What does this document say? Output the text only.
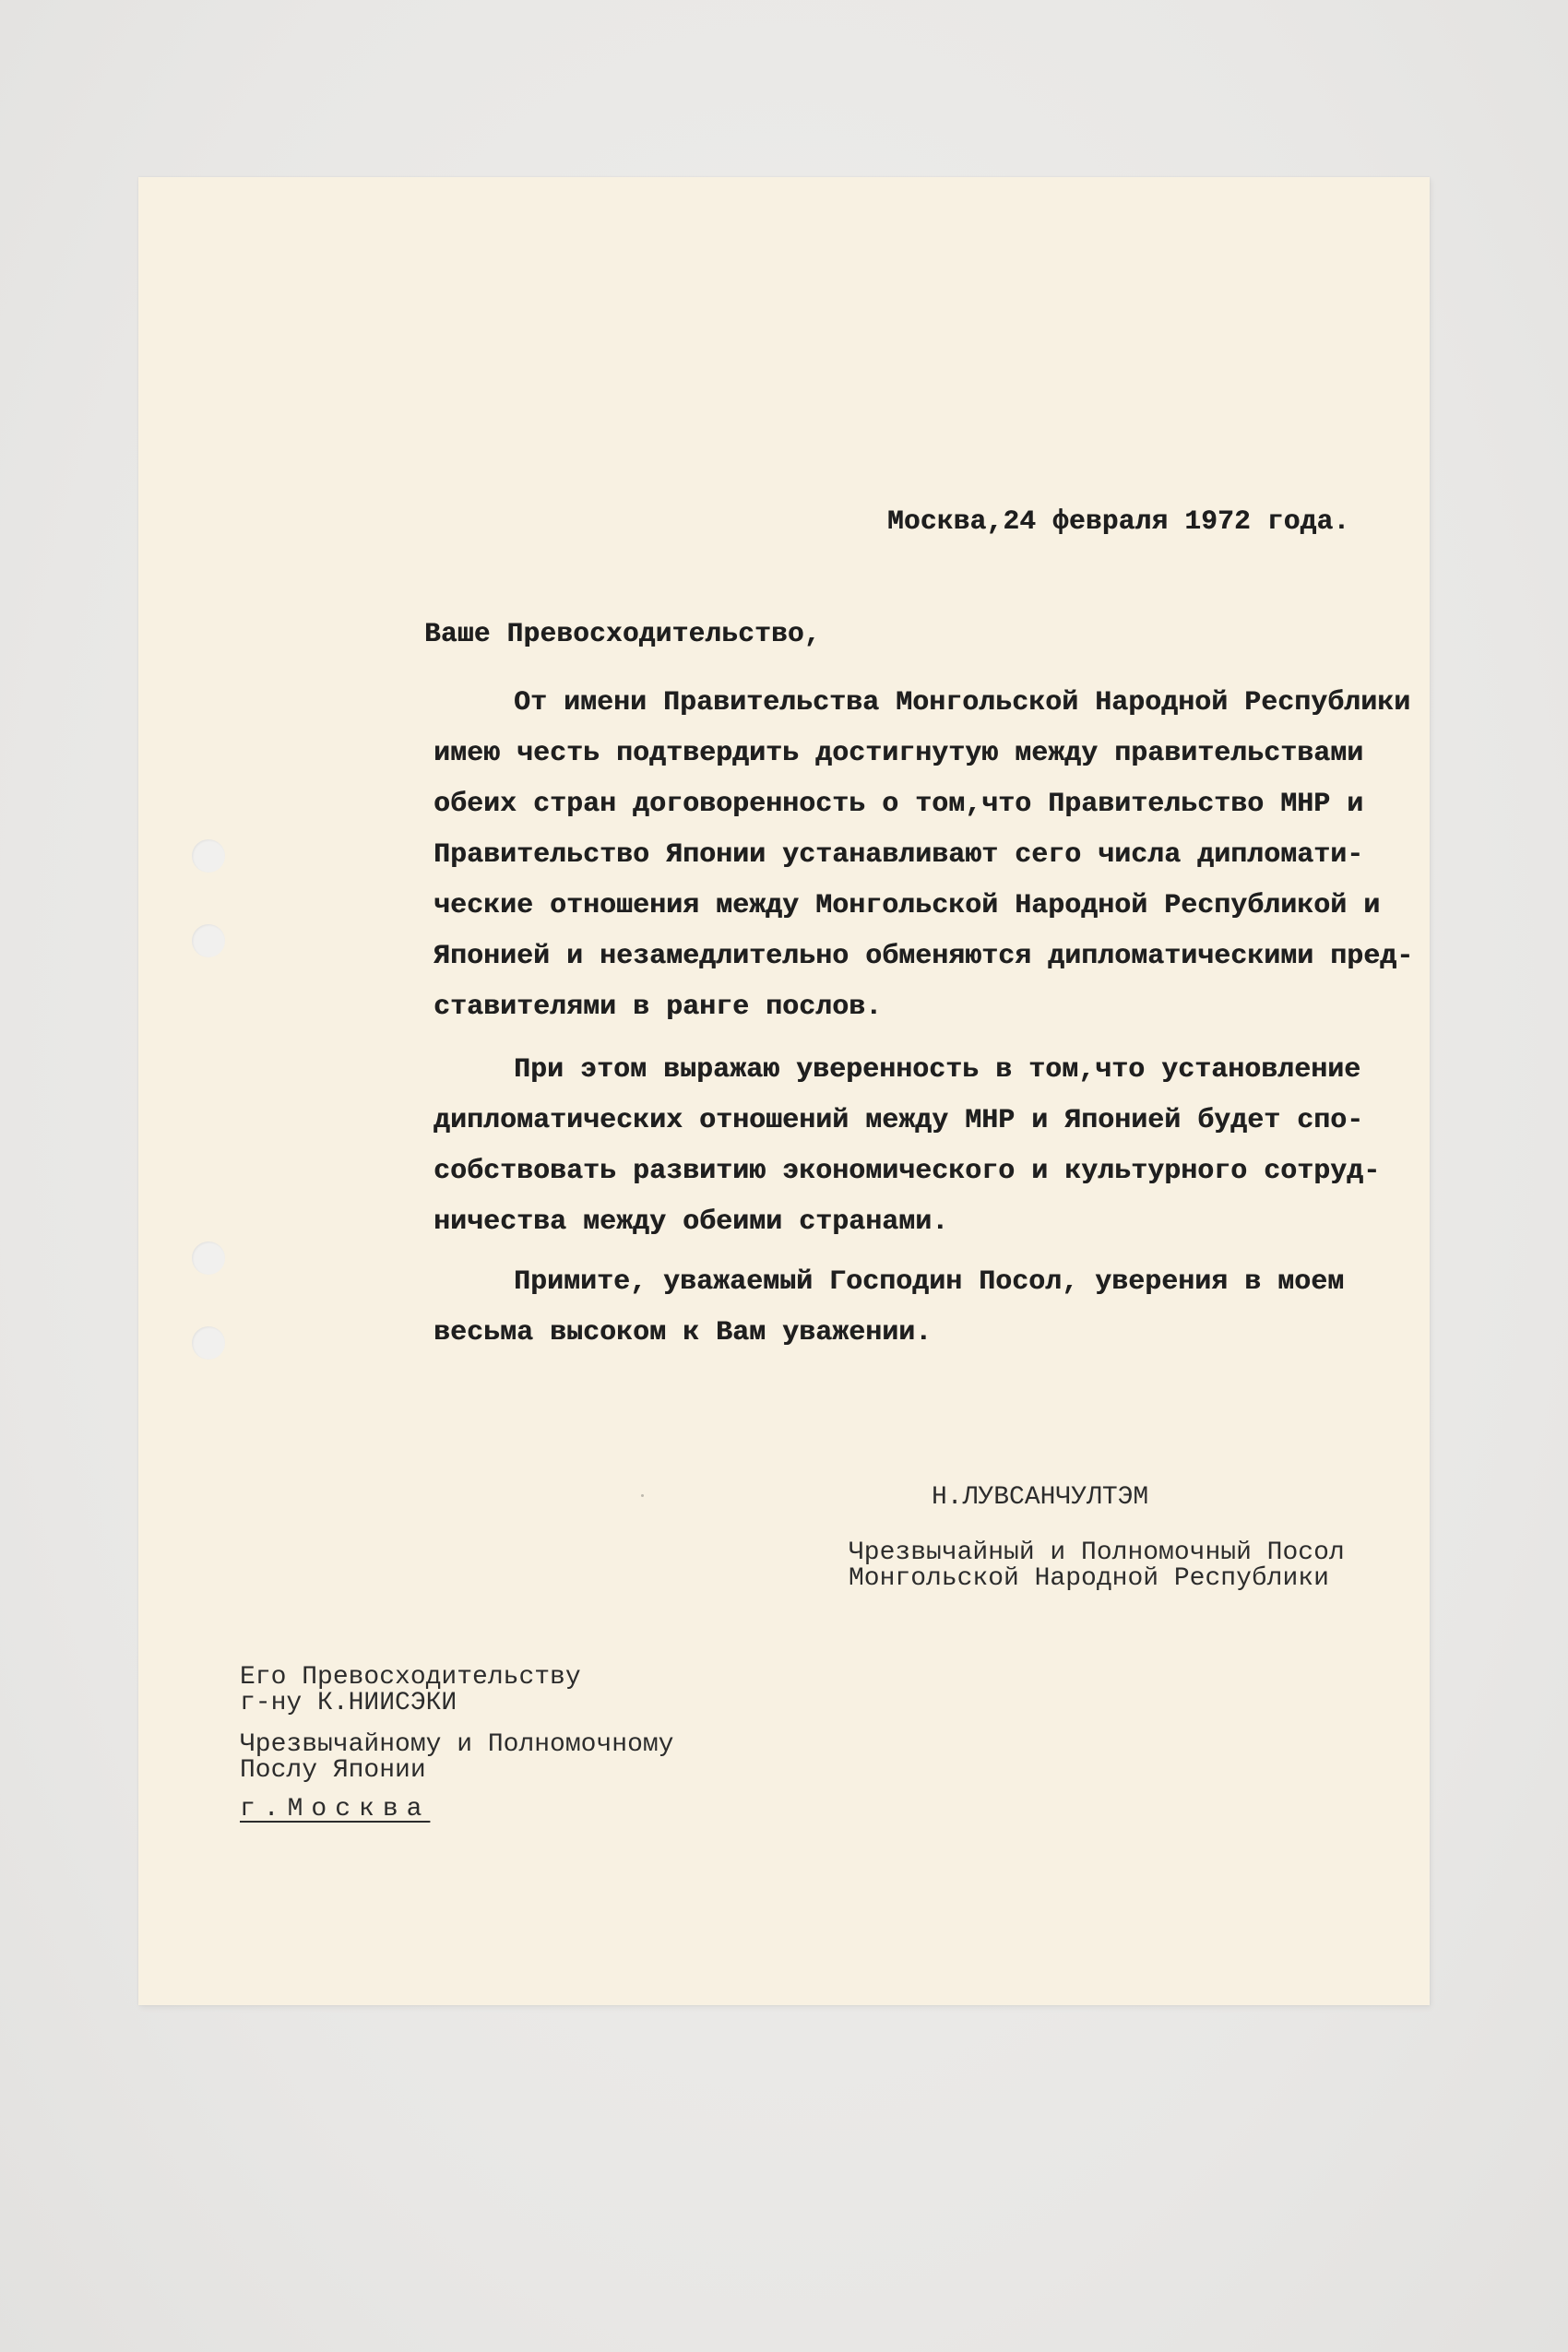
Москва,24 февраля 1972 года.
Ваше Превосходительство,
От имени Правительства Монгольской Народной Республики
имею честь подтвердить достигнутую между правительствами
обеих стран договоренность о том,что Правительство МНР и
Правительство Японии устанавливают сего числа дипломати-
ческие отношения между Монгольской Народной Республикой и
Японией и незамедлительно обменяются дипломатическими пред-
ставителями в ранге послов.
При этом выражаю уверенность в том,что установление
дипломатических отношений между МНР и Японией будет спо-
собствовать развитию экономического и культурного сотруд-
ничества между обеими странами.
Примите, уважаемый Господин Посол, уверения в моем
весьма высоком к Вам уважении.
Н.ЛУВСАНЧУЛТЭМ
Чрезвычайный и Полномочный Посол
Монгольской Народной Республики
Его Превосходительству
г-ну К.НИИСЭКИ
Чрезвычайному и Полномочному
Послу Японии
г.Москва
